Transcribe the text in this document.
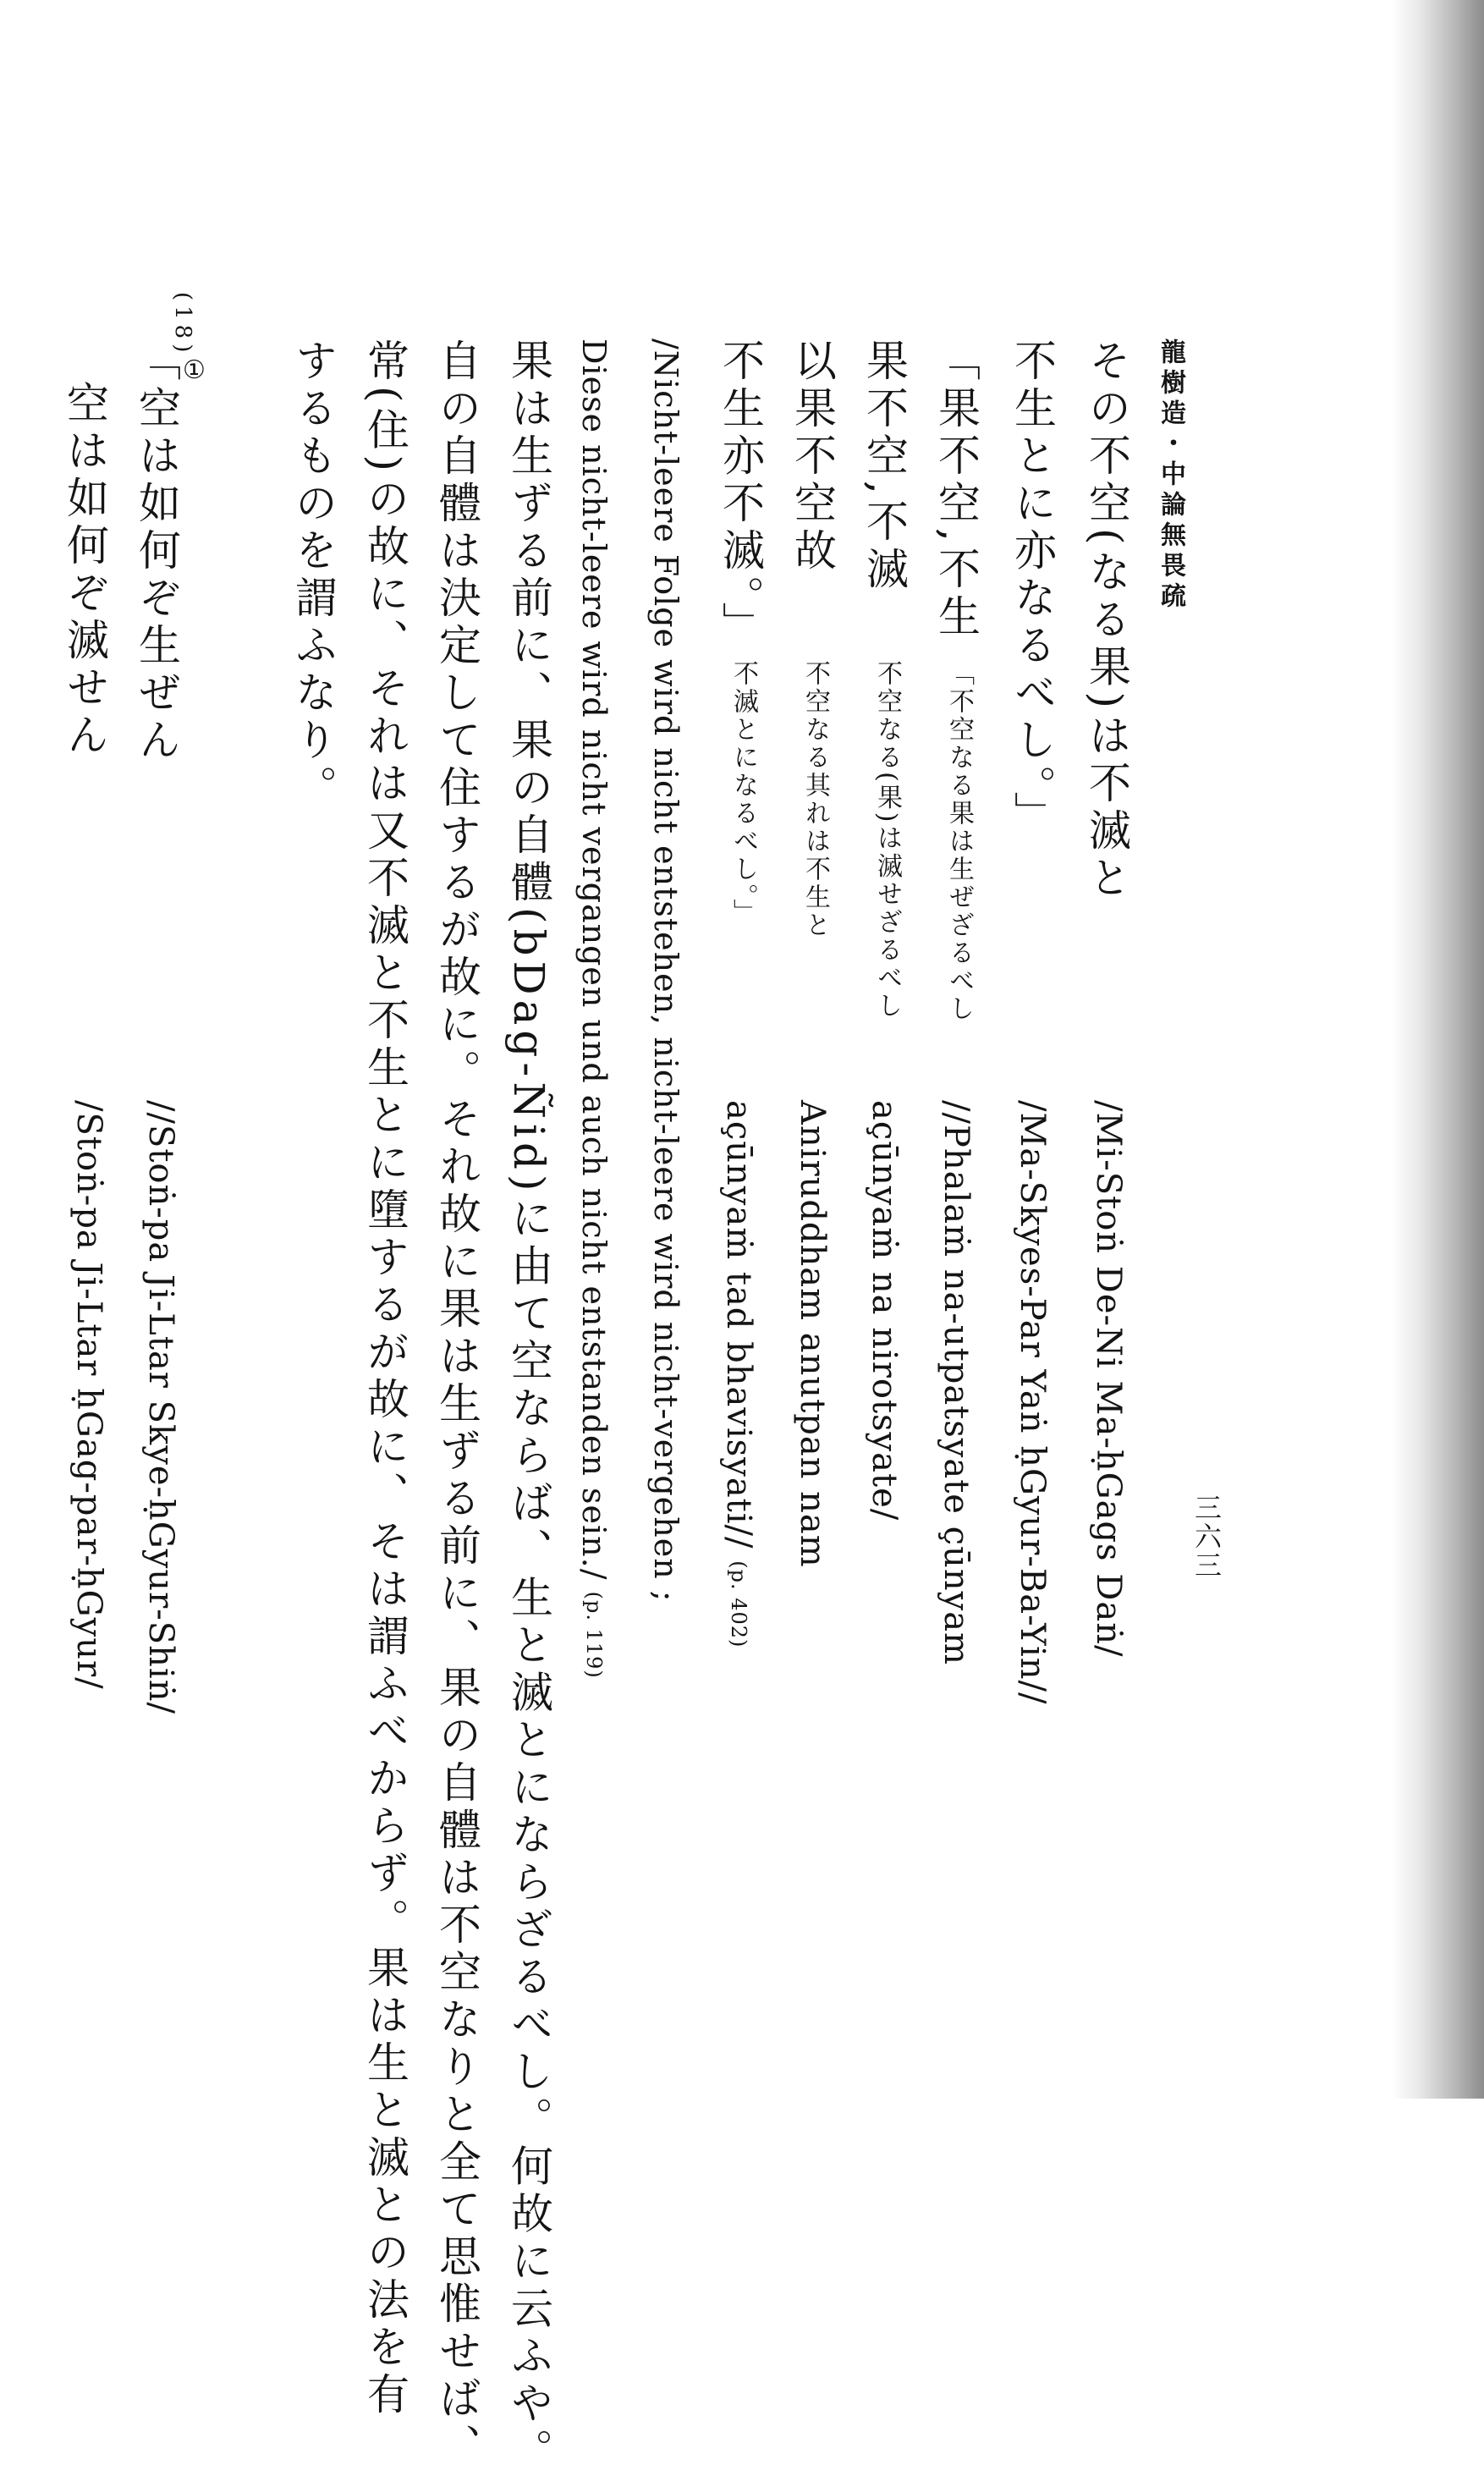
龍樹造・中論無畏疏
三六三
その不空(なる果)は不滅と
不生とに亦なるべし。」
/Mi-Stoṅ De-Ni Ma-ḥGags Daṅ/
/Ma-Skyes-Par Yaṅ ḥGyur-Ba-Yin//
「果不空,不生
果不空,不滅
以果不空故
不生亦不滅。」
「不空なる果は生ぜざるべし
不空なる(果)は滅せざるべし
不空なる其れは不生と
不滅とになるべし。」
//Phalaṁ na-utpatsyate çūnyam
açūnyaṁ na nirotsyate/
Aniruddham anutpan nam
açūnyaṁ tad bhavisyati// (p. 402)
/Nicht-leere Folge wird nicht entstehen, nicht-leere wird nicht-vergehen ;
Diese nicht-leere wird nicht vergangen und auch nicht entstanden sein./ (p. 119)
果は生ずる前に、果の自體(bDag-Ñid)に由て空ならば、生と滅とにならざるべし。何故に云ふや。
自の自體は決定して住するが故に。それ故に果は生ずる前に、果の自體は不空なりと全て思惟せば、
常(住)の故に、それは又不滅と不生とに墮するが故に、そは謂ふべからず。果は生と滅との法を有
するものを謂ふなり。
(18)
①
「空は如何ぞ生ぜん
空は如何ぞ滅せん
//Stoṅ-pa Ji-Ltar Skye-ḥGyur-Shiṅ/
/Stoṅ-pa Ji-Ltar ḥGag-par-ḥGyur/
